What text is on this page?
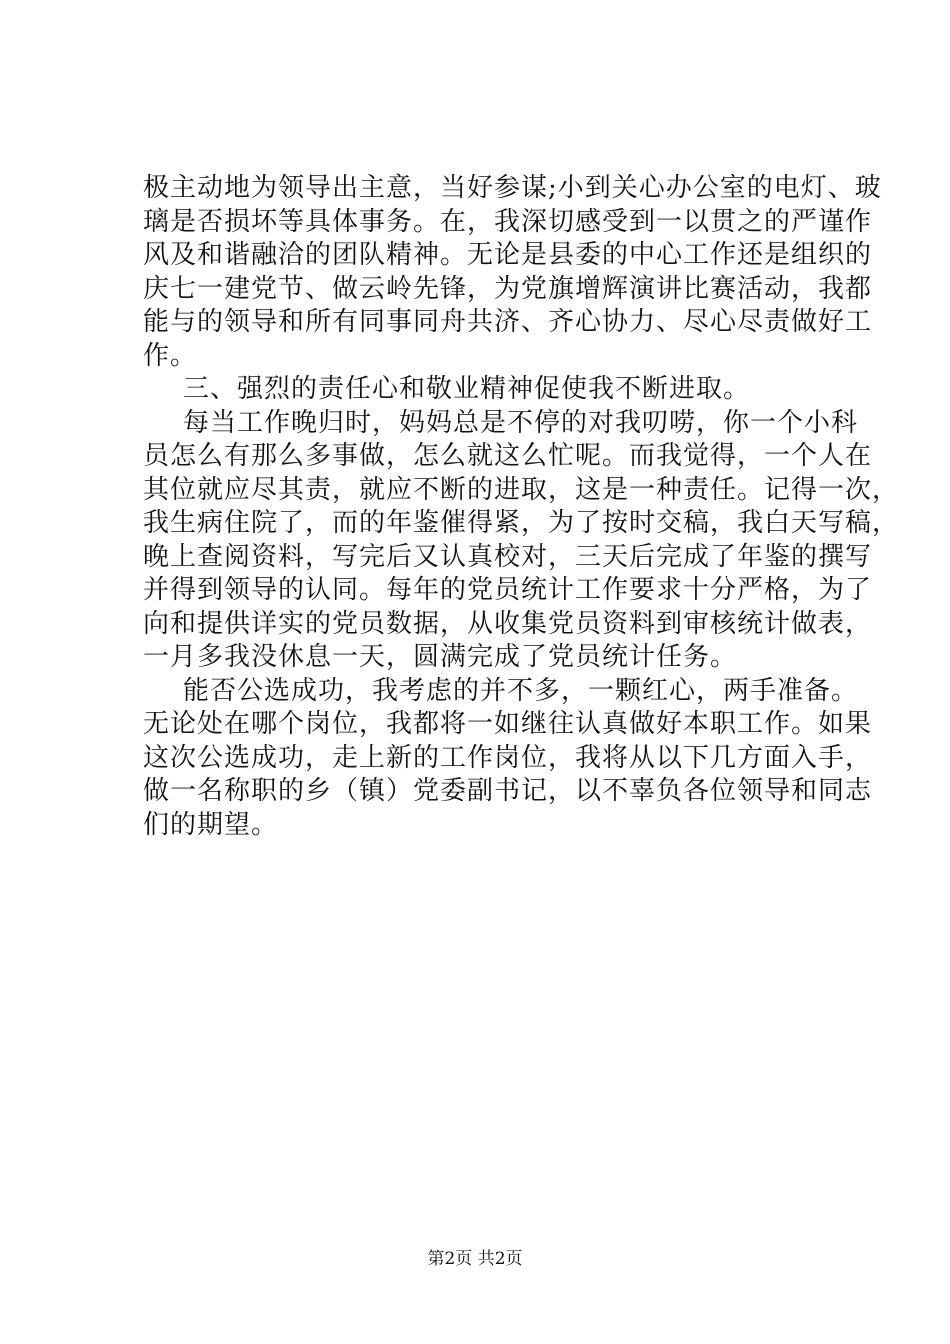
极主动地为领导出主意，当好参谋;小到关心办公室的电灯、玻
璃是否损坏等具体事务。在，我深切感受到一以贯之的严谨作
风及和谐融洽的团队精神。无论是县委的中心工作还是组织的
庆七一建党节、做云岭先锋，为党旗增辉演讲比赛活动，我都
能与的领导和所有同事同舟共济、齐心协力、尽心尽责做好工
作。
三、强烈的责任心和敬业精神促使我不断进取。
每当工作晚归时，妈妈总是不停的对我叨唠，你一个小科
员怎么有那么多事做，怎么就这么忙呢。而我觉得，一个人在
其位就应尽其责，就应不断的进取，这是一种责任。记得一次，
我生病住院了，而的年鉴催得紧，为了按时交稿，我白天写稿，
晚上查阅资料，写完后又认真校对，三天后完成了年鉴的撰写
并得到领导的认同。每年的党员统计工作要求十分严格，为了
向和提供详实的党员数据，从收集党员资料到审核统计做表，
一月多我没休息一天，圆满完成了党员统计任务。
能否公选成功，我考虑的并不多，一颗红心，两手准备。
无论处在哪个岗位，我都将一如继往认真做好本职工作。如果
这次公选成功，走上新的工作岗位，我将从以下几方面入手，
做一名称职的乡（镇）党委副书记，以不辜负各位领导和同志
们的期望。
第2页 共2页
